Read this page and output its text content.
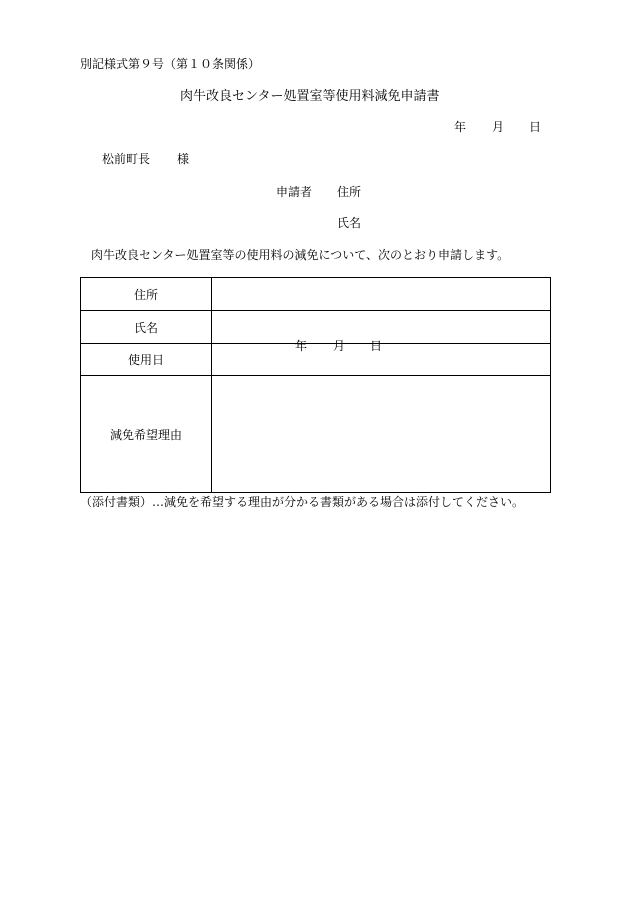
別記様式第９号（第１０条関係）
肉牛改良センター処置室等使用料減免申請書
年 月 日
松前町長 様
申請者 住所
氏名
肉牛改良センター処置室等の使用料の減免について、次のとおり申請します。
住所	
氏名	
使用日	年 月 日

減免希望理由	
（添付書類）…減免を希望する理由が分かる書類がある場合は添付してください。
